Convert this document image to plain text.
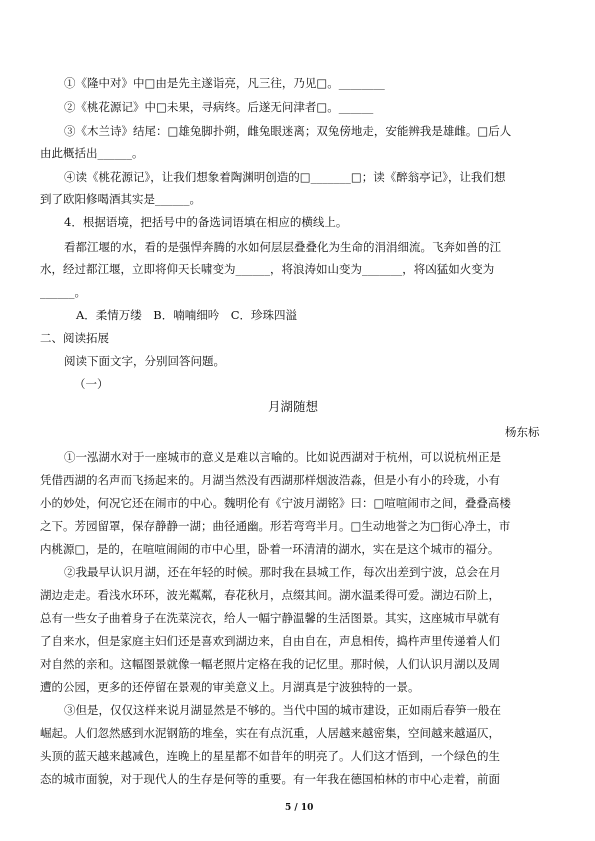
①《隆中对》中□由是先主遂诣亮，凡三往，乃见□。________
②《桃花源记》中□未果，寻病终。后遂无问津者□。______
③《木兰诗》结尾：□雄兔脚扑朔，雌兔眼迷离；双兔傍地走，安能辨我是雄雌。□后人
由此概括出______。
④读《桃花源记》，让我们想象着陶渊明创造的□_______□；读《醉翁亭记》，让我们想
到了欧阳修喝酒其实是______。
4．根据语境，把括号中的备选词语填在相应的横线上。
看都江堰的水，看的是强悍奔腾的水如何层层叠叠化为生命的涓涓细流。飞奔如兽的江
水，经过都江堰，立即将仰天长啸变为______，将浪涛如山变为_______，将凶猛如火变为
______。
A．柔情万缕　B．喃喃细吟　C．珍珠四溢
二、阅读拓展
阅读下面文字，分别回答问题。
（一）
月湖随想
杨东标
①一泓湖水对于一座城市的意义是难以言喻的。比如说西湖对于杭州，可以说杭州正是
凭借西湖的名声而飞扬起来的。月湖当然没有西湖那样烟波浩淼，但是小有小的玲珑，小有
小的妙处，何况它还在闹市的中心。魏明伦有《宁波月湖铭》曰：□喧喧闹市之间，叠叠高楼
之下。芳园留罩，保存静静一湖；曲径通幽。形若弯弯半月。□生动地誉之为□街心净土，市
内桃源□，是的，在喧喧闹闹的市中心里，卧着一环清清的湖水，实在是这个城市的福分。
②我最早认识月湖，还在年轻的时候。那时我在县城工作，每次出差到宁波，总会在月
湖边走走。看浅水环环，波光粼粼，春花秋月，点缀其间。湖水温柔得可爱。湖边石阶上，
总有一些女子曲着身子在洗菜浣衣，给人一幅宁静温馨的生活图景。其实，这座城市早就有
了自来水，但是家庭主妇们还是喜欢到湖边来，自由自在，声息相传，捣杵声里传递着人们
对自然的亲和。这幅图景就像一幅老照片定格在我的记忆里。那时候，人们认识月湖以及周
遭的公园，更多的还停留在景观的审美意义上。月湖真是宁波独特的一景。
③但是，仅仅这样来说月湖显然是不够的。当代中国的城市建设，正如雨后春笋一般在
崛起。人们忽然感到水泥钢筋的堆垒，实在有点沉重，人居越来越密集，空间越来越逼仄，
头顶的蓝天越来越减色，连晚上的星星都不如昔年的明亮了。人们这才悟到，一个绿色的生
态的城市面貌，对于现代人的生存是何等的重要。有一年我在德国柏林的市中心走着，前面
5 / 10
